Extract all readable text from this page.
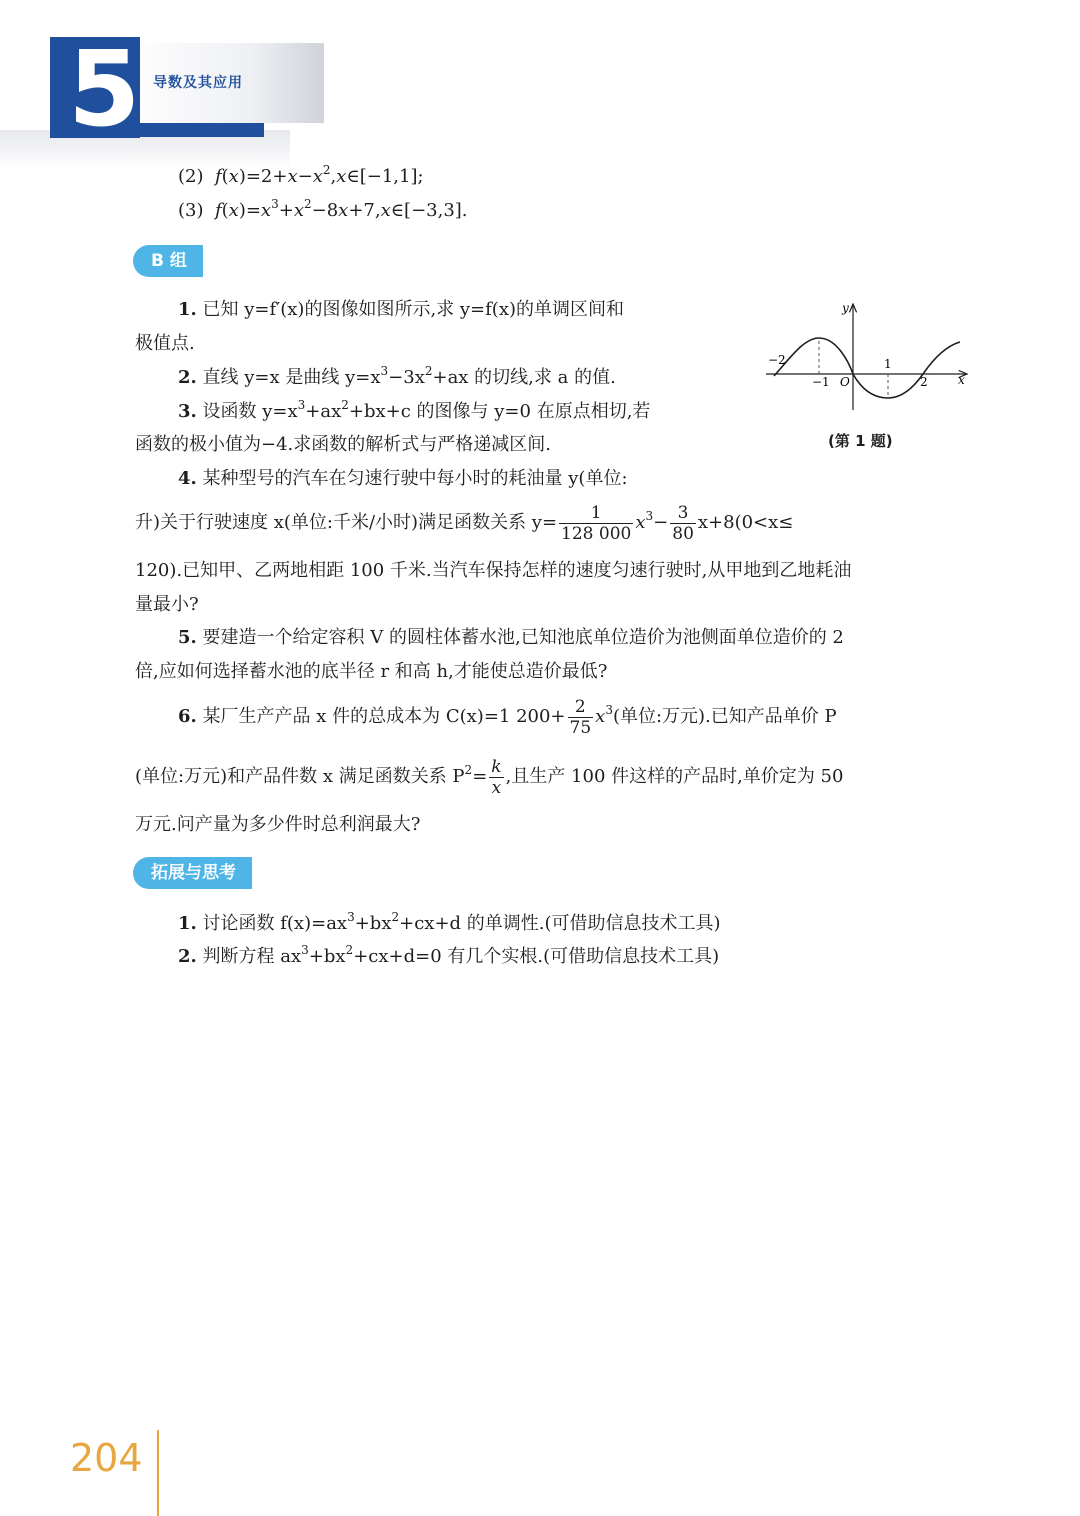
5 导数及其应用
(2) $f(x)=2+x-x^2,x\in[-1,1]$;
(3) $f(x)=x^3+x^2-8x+7,x\in[-3,3]$.
B 组
1. 已知 y=f′(x)的图像如图所示,求 y=f(x)的单调区间和
极值点.
2. 直线 y=x 是曲线 $y=x^3-3x^2+ax$ 的切线,求 a 的值.
3. 设函数 $y=x^3+ax^2+bx+c$ 的图像与 y=0 在原点相切,若
函数的极小值为−4.求函数的解析式与严格递减区间.
4. 某种型号的汽车在匀速行驶中每小时的耗油量 y(单位:
升)关于行驶速度 x(单位:千米/小时)满足函数关系 $y= \frac{1}{128 000} x^3- \frac{3}{80} x+8(0<x\le$
120).已知甲、乙两地相距 100 千米.当汽车保持怎样的速度匀速行驶时,从甲地到乙地耗油
量最小?
5. 要建造一个给定容积 V 的圆柱体蓄水池,已知池底单位造价为池侧面单位造价的 2
倍,应如何选择蓄水池的底半径 r 和高 h,才能使总造价最低?
6. 某厂生产产品 x 件的总成本为 C(x)=1 $200+ \frac{2}{75} x^3$(单位:万元).已知产品单价 P
(单位:万元)和产品件数 x 满足函数关系 $P^2= \frac{k}{x}$ ,且生产 100 件这样的产品时,单价定为 50
万元.问产量为多少件时总利润最大?
y
x
O
−2
−1
1
2
(第 1 题)
拓展与思考
1. 讨论函数 $f(x)=ax^3+bx^2+cx+d$ 的单调性.(可借助信息技术工具)
2. 判断方程 $ax^3+bx^2+cx+d=0$ 有几个实根.(可借助信息技术工具)
204
